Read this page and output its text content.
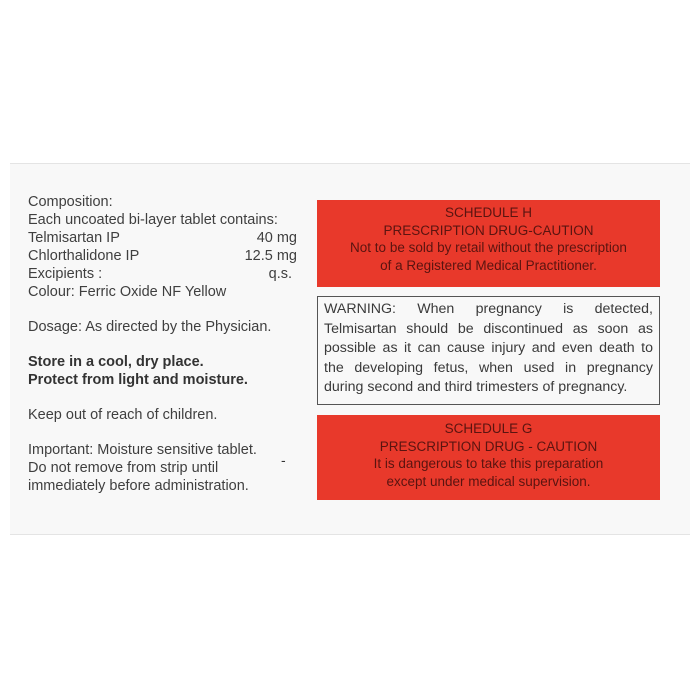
Composition:
Each uncoated bi-layer tablet contains:
Telmisartan IP	40 mg
Chlorthalidone IP	12.5 mg
Excipients :	q.s.
Colour: Ferric Oxide NF Yellow
Dosage: As directed by the Physician.
Store in a cool, dry place.
Protect from light and moisture.
Keep out of reach of children.
Important: Moisture sensitive tablet.
Do not remove from strip until
immediately before administration.
-
SCHEDULE H
PRESCRIPTION DRUG-CAUTION
Not to be sold by retail without the prescription
of a Registered Medical Practitioner.
WARNING: When pregnancy is detected, Telmisartan should be discontinued as soon as possible as it can cause injury and even death to the developing fetus, when used in pregnancy during second and third trimesters of pregnancy.
SCHEDULE G
PRESCRIPTION DRUG - CAUTION
It is dangerous to take this preparation
except under medical supervision.
